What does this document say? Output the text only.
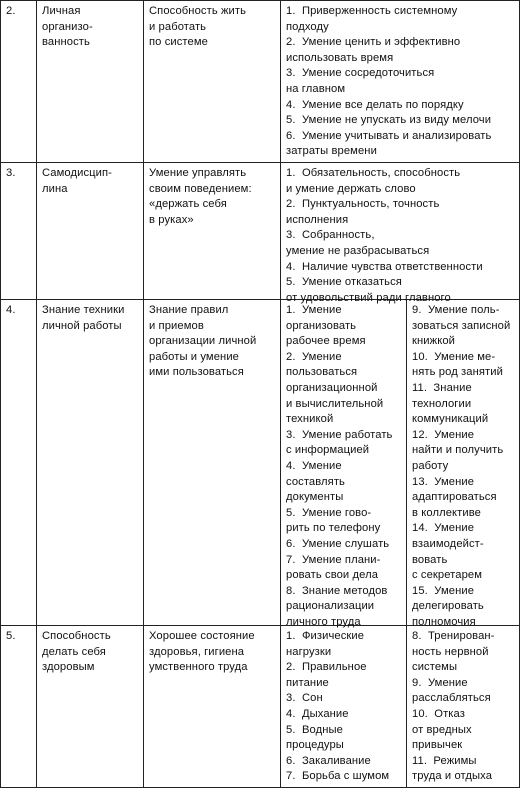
2. Личная
организо-
ванность
Способность жить
и работать
по системе
1.  Приверженность системному
подходу
2.  Умение ценить и эффективно
использовать время
3.  Умение сосредоточиться
на главном
4.  Умение все делать по порядку
5.  Умение не упускать из виду мелочи
6.  Умение учитывать и анализировать
затраты времени
3. Самодисцип-
лина
Умение управлять
своим поведением:
«держать себя
в руках»
1.  Обязательность, способность
и умение держать слово
2.  Пунктуальность, точность
исполнения
3.  Собранность,
умение не разбрасываться
4.  Наличие чувства ответственности
5.  Умение отказаться
от удовольствий ради главного
4. Знание техники
личной работы
Знание правил
и приемов
организации личной
работы и умение
ими пользоваться
1.  Умение
организовать
рабочее время
2.  Умение
пользоваться
организационной
и вычислительной
техникой
3.  Умение работать
с информацией
4.  Умение
составлять
документы
5.  Умение гово-
рить по телефону
6.  Умение слушать
7.  Умение плани-
ровать свои дела
8.  Знание методов
рационализации
личного труда
9.  Умение поль-
зоваться записной
книжкой
10.  Умение ме-
нять род занятий
11.  Знание
технологии
коммуникаций
12.  Умение
найти и получить
работу
13.  Умение
адаптироваться
в коллективе
14.  Умение
взаимодейст-
вовать
с секретарем
15.  Умение
делегировать
полномочия
5. Способность
делать себя
здоровым
Хорошее состояние
здоровья, гигиена
умственного труда
1.  Физические
нагрузки
2.  Правильное
питание
3.  Сон
4.  Дыхание
5.  Водные
процедуры
6.  Закаливание
7.  Борьба с шумом
8.  Тренирован-
ность нервной
системы
9.  Умение
расслабляться
10.  Отказ
от вредных
привычек
11.  Режимы
труда и отдыха
